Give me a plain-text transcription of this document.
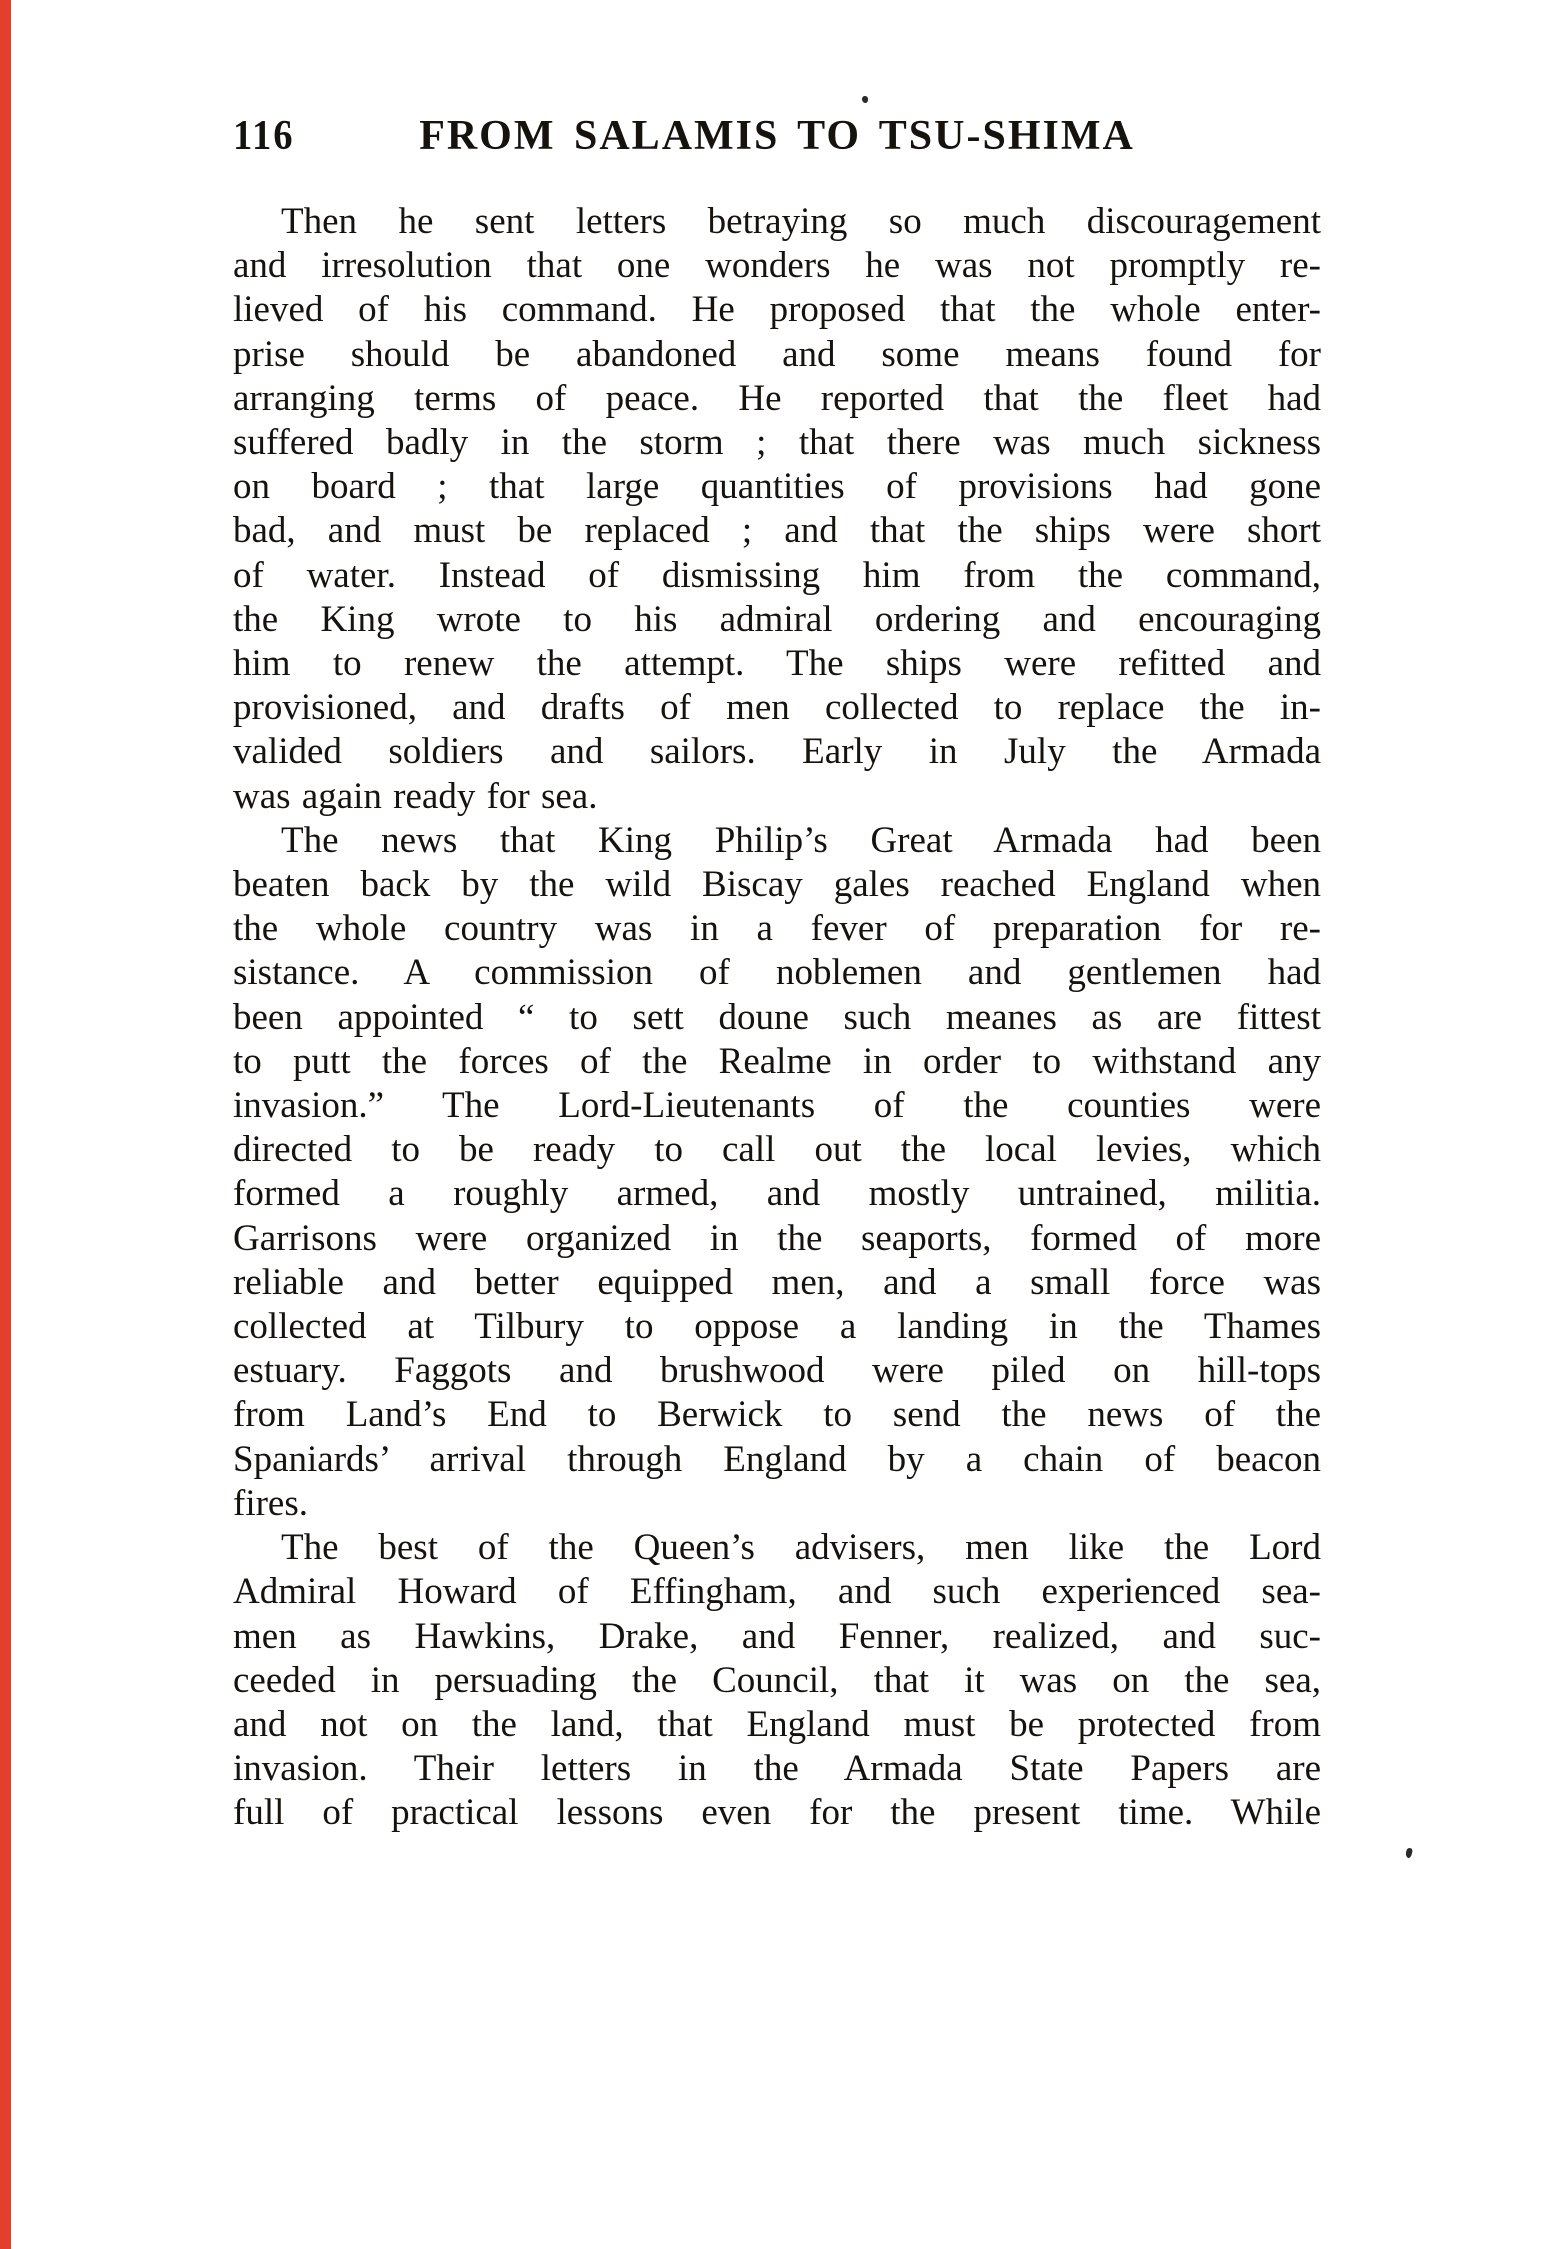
116	FROM SALAMIS TO TSU-SHIMA
Then he sent letters betraying so much discouragement
and irresolution that one wonders he was not promptly re-
lieved of his command. He proposed that the whole enter-
prise should be abandoned and some means found for
arranging terms of peace. He reported that the fleet had
suffered badly in the storm ; that there was much sickness
on board ; that large quantities of provisions had gone
bad, and must be replaced ; and that the ships were short
of water. Instead of dismissing him from the command,
the King wrote to his admiral ordering and encouraging
him to renew the attempt. The ships were refitted and
provisioned, and drafts of men collected to replace the in-
valided soldiers and sailors. Early in July the Armada
was again ready for sea.
The news that King Philip’s Great Armada had been
beaten back by the wild Biscay gales reached England when
the whole country was in a fever of preparation for re-
sistance. A commission of noblemen and gentlemen had
been appointed “ to sett doune such meanes as are fittest
to putt the forces of the Realme in order to withstand any
invasion.” The Lord-Lieutenants of the counties were
directed to be ready to call out the local levies, which
formed a roughly armed, and mostly untrained, militia.
Garrisons were organized in the seaports, formed of more
reliable and better equipped men, and a small force was
collected at Tilbury to oppose a landing in the Thames
estuary. Faggots and brushwood were piled on hill-tops
from Land’s End to Berwick to send the news of the
Spaniards’ arrival through England by a chain of beacon
fires.
The best of the Queen’s advisers, men like the Lord
Admiral Howard of Effingham, and such experienced sea-
men as Hawkins, Drake, and Fenner, realized, and suc-
ceeded in persuading the Council, that it was on the sea,
and not on the land, that England must be protected from
invasion. Their letters in the Armada State Papers are
full of practical lessons even for the present time. While
